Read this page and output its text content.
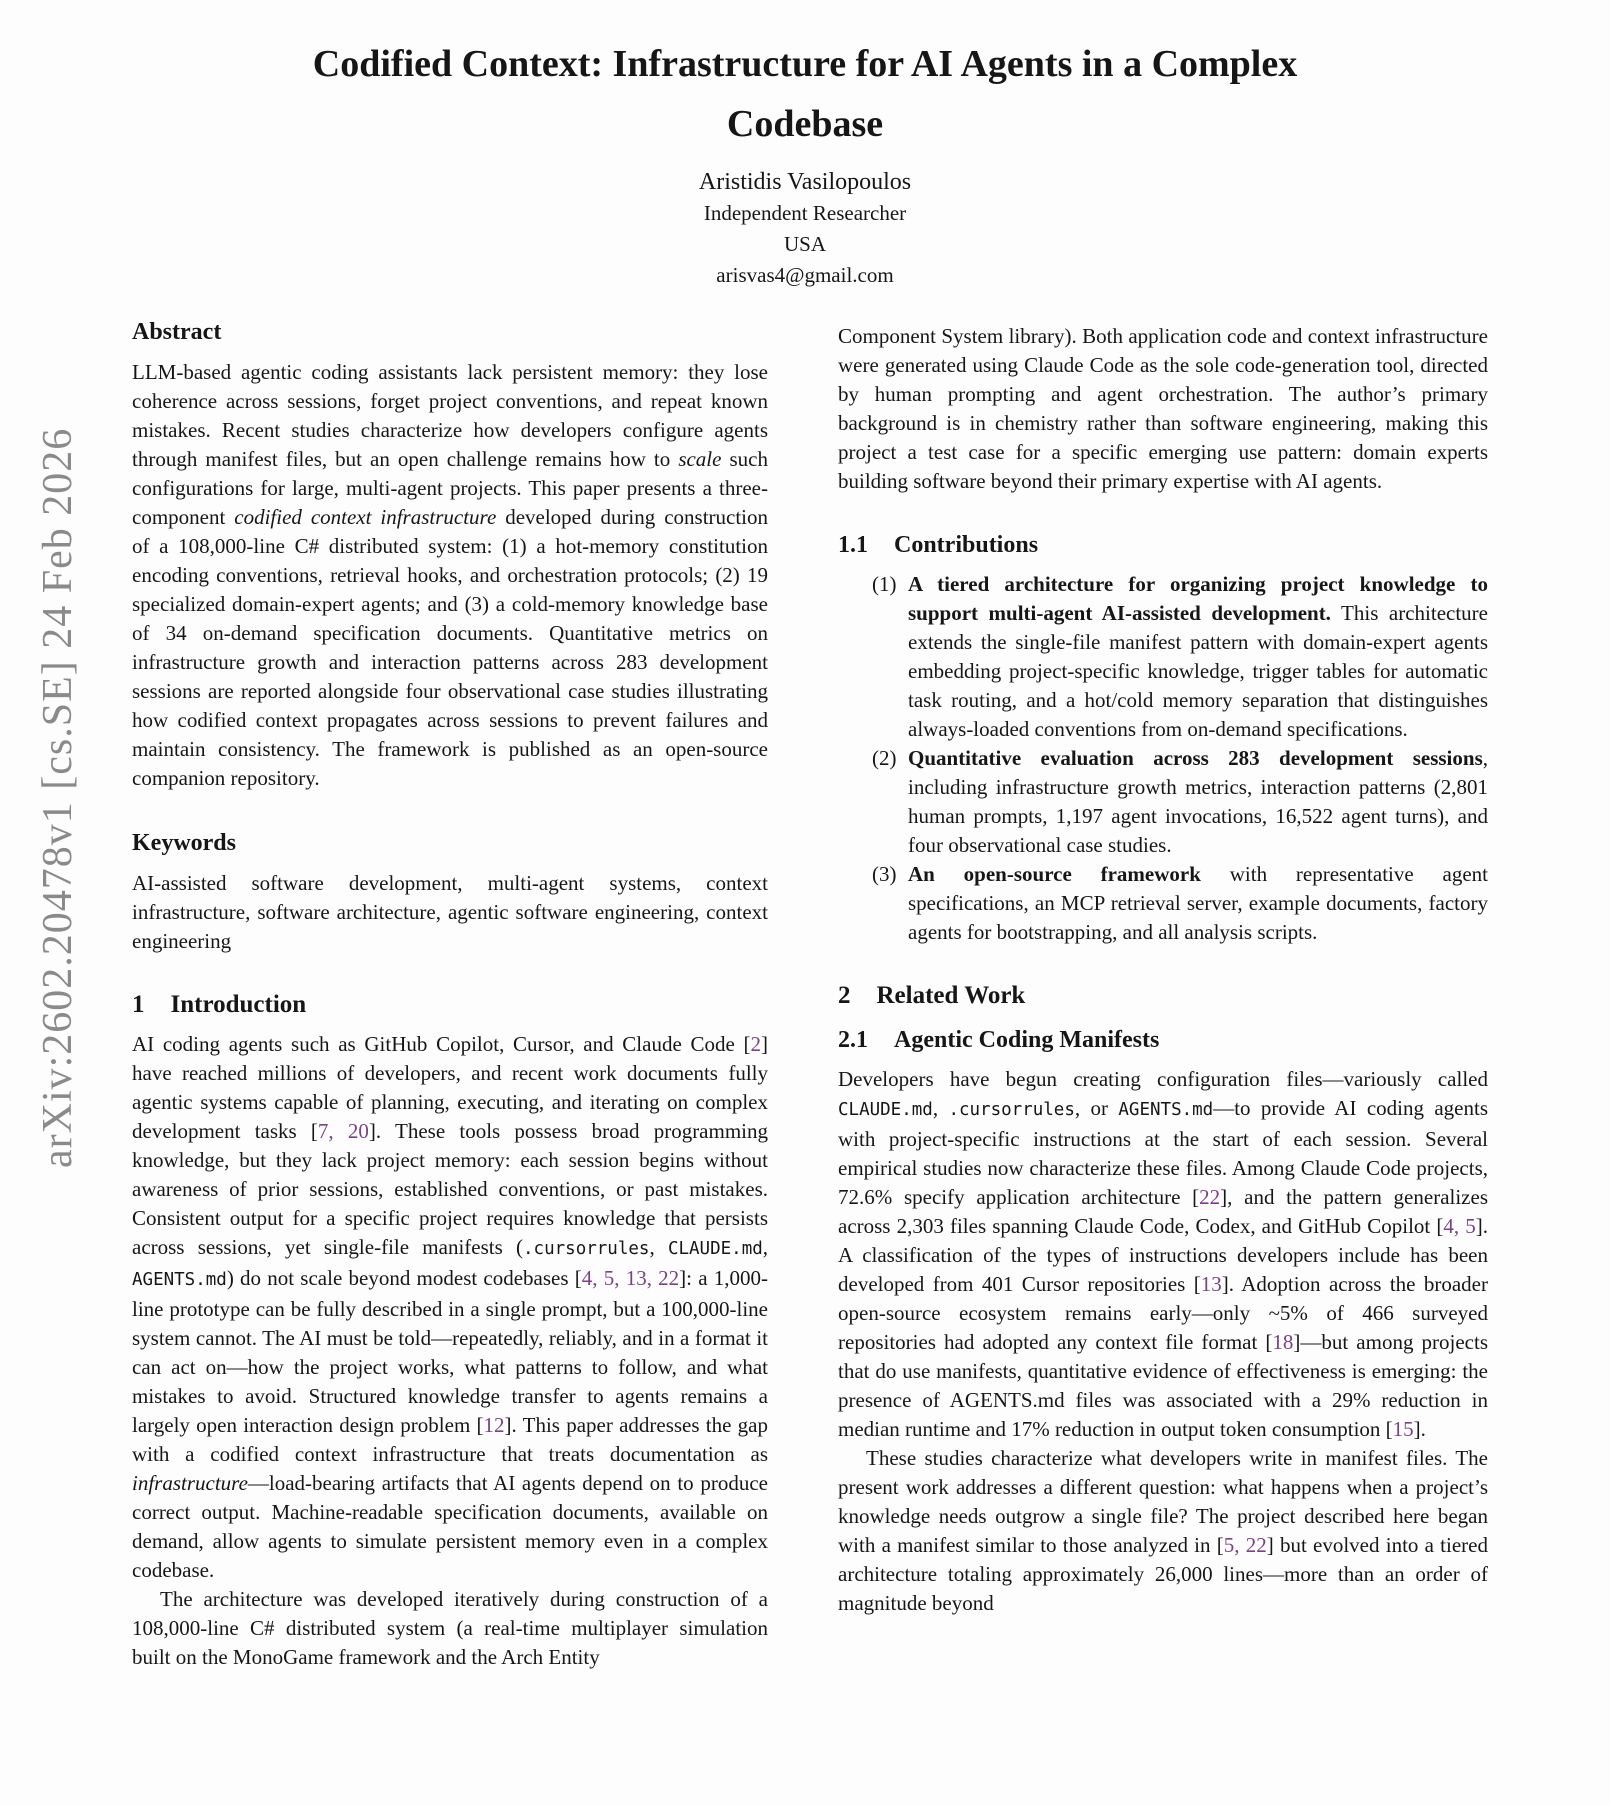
arXiv:2602.20478v1 [cs.SE] 24 Feb 2026
Codified Context: Infrastructure for AI Agents in a Complex
Codebase
Aristidis Vasilopoulos
Independent Researcher
USA
arisvas4@gmail.com
Abstract

LLM-based agentic coding assistants lack persistent memory: they lose coherence across sessions, forget project conventions, and repeat known mistakes. Recent studies characterize how developers configure agents through manifest files, but an open challenge remains how to scale such configurations for large, multi-agent projects. This paper presents a three-component codified context infrastructure developed during construction of a 108,000-line C# distributed system: (1) a hot-memory constitution encoding conventions, retrieval hooks, and orchestration protocols; (2) 19 specialized domain-expert agents; and (3) a cold-memory knowledge base of 34 on-demand specification documents. Quantitative metrics on infrastructure growth and interaction patterns across 283 development sessions are reported alongside four observational case studies illustrating how codified context propagates across sessions to prevent failures and maintain consistency. The framework is published as an open-source companion repository.

Keywords

AI-assisted software development, multi-agent systems, context infrastructure, software architecture, agentic software engineering, context engineering

1 Introduction

AI coding agents such as GitHub Copilot, Cursor, and Claude Code [2] have reached millions of developers, and recent work documents fully agentic systems capable of planning, executing, and iterating on complex development tasks [7, 20]. These tools possess broad programming knowledge, but they lack project memory: each session begins without awareness of prior sessions, established conventions, or past mistakes. Consistent output for a specific project requires knowledge that persists across sessions, yet single-file manifests (.cursorrules, CLAUDE.md, AGENTS.md) do not scale beyond modest codebases [4, 5, 13, 22]: a 1,000-line prototype can be fully described in a single prompt, but a 100,000-line system cannot. The AI must be told—repeatedly, reliably, and in a format it can act on—how the project works, what patterns to follow, and what mistakes to avoid. Structured knowledge transfer to agents remains a largely open interaction design problem [12]. This paper addresses the gap with a codified context infrastructure that treats documentation as infrastructure—load-bearing artifacts that AI agents depend on to produce correct output. Machine-readable specification documents, available on demand, allow agents to simulate persistent memory even in a complex codebase.

The architecture was developed iteratively during construction of a 108,000-line C# distributed system (a real-time multiplayer simulation built on the MonoGame framework and the Arch Entity

Component System library). Both application code and context infrastructure were generated using Claude Code as the sole code-generation tool, directed by human prompting and agent orchestration. The author’s primary background is in chemistry rather than software engineering, making this project a test case for a specific emerging use pattern: domain experts building software beyond their primary expertise with AI agents.

1.1 Contributions
(1) A tiered architecture for organizing project knowledge to support multi-agent AI-assisted development. This architecture extends the single-file manifest pattern with domain-expert agents embedding project-specific knowledge, trigger tables for automatic task routing, and a hot/cold memory separation that distinguishes always-loaded conventions from on-demand specifications.
(2) Quantitative evaluation across 283 development sessions, including infrastructure growth metrics, interaction patterns (2,801 human prompts, 1,197 agent invocations, 16,522 agent turns), and four observational case studies.
(3) An open-source framework with representative agent specifications, an MCP retrieval server, example documents, factory agents for bootstrapping, and all analysis scripts.
2 Related Work
2.1 Agentic Coding Manifests

Developers have begun creating configuration files—variously called CLAUDE.md, .cursorrules, or AGENTS.md—to provide AI coding agents with project-specific instructions at the start of each session. Several empirical studies now characterize these files. Among Claude Code projects, 72.6% specify application architecture [22], and the pattern generalizes across 2,303 files spanning Claude Code, Codex, and GitHub Copilot [4, 5]. A classification of the types of instructions developers include has been developed from 401 Cursor repositories [13]. Adoption across the broader open-source ecosystem remains early—only ~5% of 466 surveyed repositories had adopted any context file format [18]—but among projects that do use manifests, quantitative evidence of effectiveness is emerging: the presence of AGENTS.md files was associated with a 29% reduction in median runtime and 17% reduction in output token consumption [15].

These studies characterize what developers write in manifest files. The present work addresses a different question: what happens when a project’s knowledge needs outgrow a single file? The project described here began with a manifest similar to those analyzed in [5, 22] but evolved into a tiered architecture totaling approximately 26,000 lines—more than an order of magnitude beyond
